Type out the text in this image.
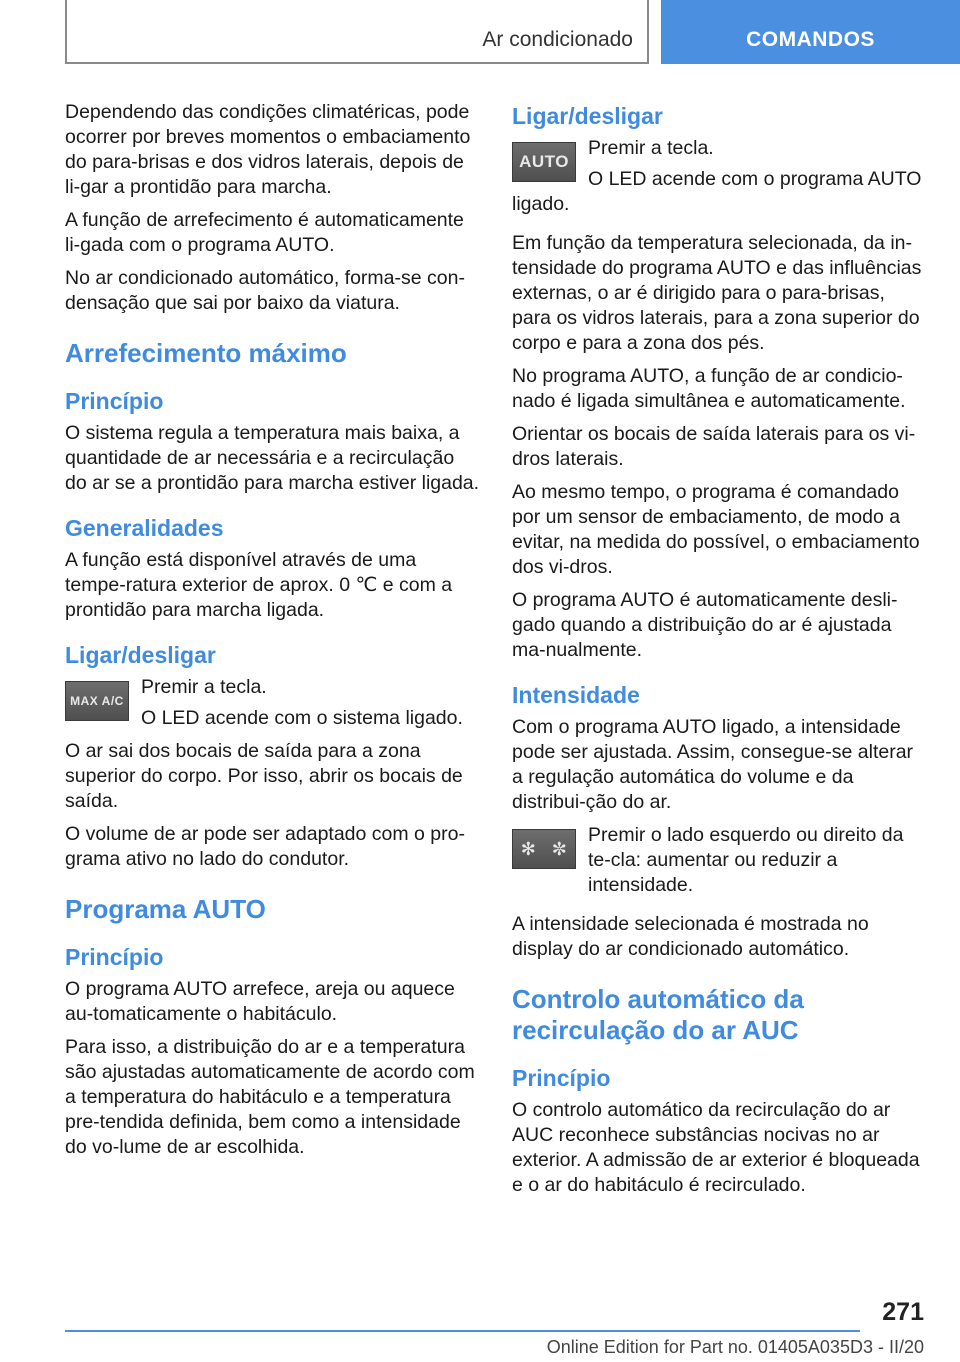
Ar condicionado	COMANDOS

Dependendo das condições climatéricas, pode ocorrer por breves momentos o embaciamento do para-brisas e dos vidros laterais, depois de li-gar a prontidão para marcha.

A função de arrefecimento é automaticamente li-gada com o programa AUTO.

No ar condicionado automático, forma-se con-densação que sai por baixo da viatura.

Arrefecimento máximo
Princípio

O sistema regula a temperatura mais baixa, a quantidade de ar necessária e a recirculação do ar se a prontidão para marcha estiver ligada.

Generalidades

A função está disponível através de uma tempe-ratura exterior de aprox. 0 ℃ e com a prontidão para marcha ligada.

Ligar/desligar
MAX A/C

Premir a tecla.

O LED acende com o sistema ligado.

O ar sai dos bocais de saída para a zona superior do corpo. Por isso, abrir os bocais de saída.

O volume de ar pode ser adaptado com o pro-grama ativo no lado do condutor.

Programa AUTO
Princípio

O programa AUTO arrefece, areja ou aquece au-tomaticamente o habitáculo.

Para isso, a distribuição do ar e a temperatura são ajustadas automaticamente de acordo com a temperatura do habitáculo e a temperatura pre-tendida definida, bem como a intensidade do vo-lume de ar escolhida.

Ligar/desligar
AUTO

Premir a tecla.

O LED acende com o programa AUTO

ligado.

Em função da temperatura selecionada, da in-tensidade do programa AUTO e das influências externas, o ar é dirigido para o para-brisas, para os vidros laterais, para a zona superior do corpo e para a zona dos pés.

No programa AUTO, a função de ar condicio-nado é ligada simultânea e automaticamente.

Orientar os bocais de saída laterais para os vi-dros laterais.

Ao mesmo tempo, o programa é comandado por um sensor de embaciamento, de modo a evitar, na medida do possível, o embaciamento dos vi-dros.

O programa AUTO é automaticamente desli-gado quando a distribuição do ar é ajustada ma-nualmente.

Intensidade

Com o programa AUTO ligado, a intensidade pode ser ajustada. Assim, consegue-se alterar a regulação automática do volume e da distribui-ção do ar.

✻ ✼

Premir o lado esquerdo ou direito da te-cla: aumentar ou reduzir a intensidade.

A intensidade selecionada é mostrada no display do ar condicionado automático.

Controlo automático da recirculação do ar AUC
Princípio

O controlo automático da recirculação do ar AUC reconhece substâncias nocivas no ar exterior. A admissão de ar exterior é bloqueada e o ar do habitáculo é recirculado.

271
Online Edition for Part no. 01405A035D3 - II/20
